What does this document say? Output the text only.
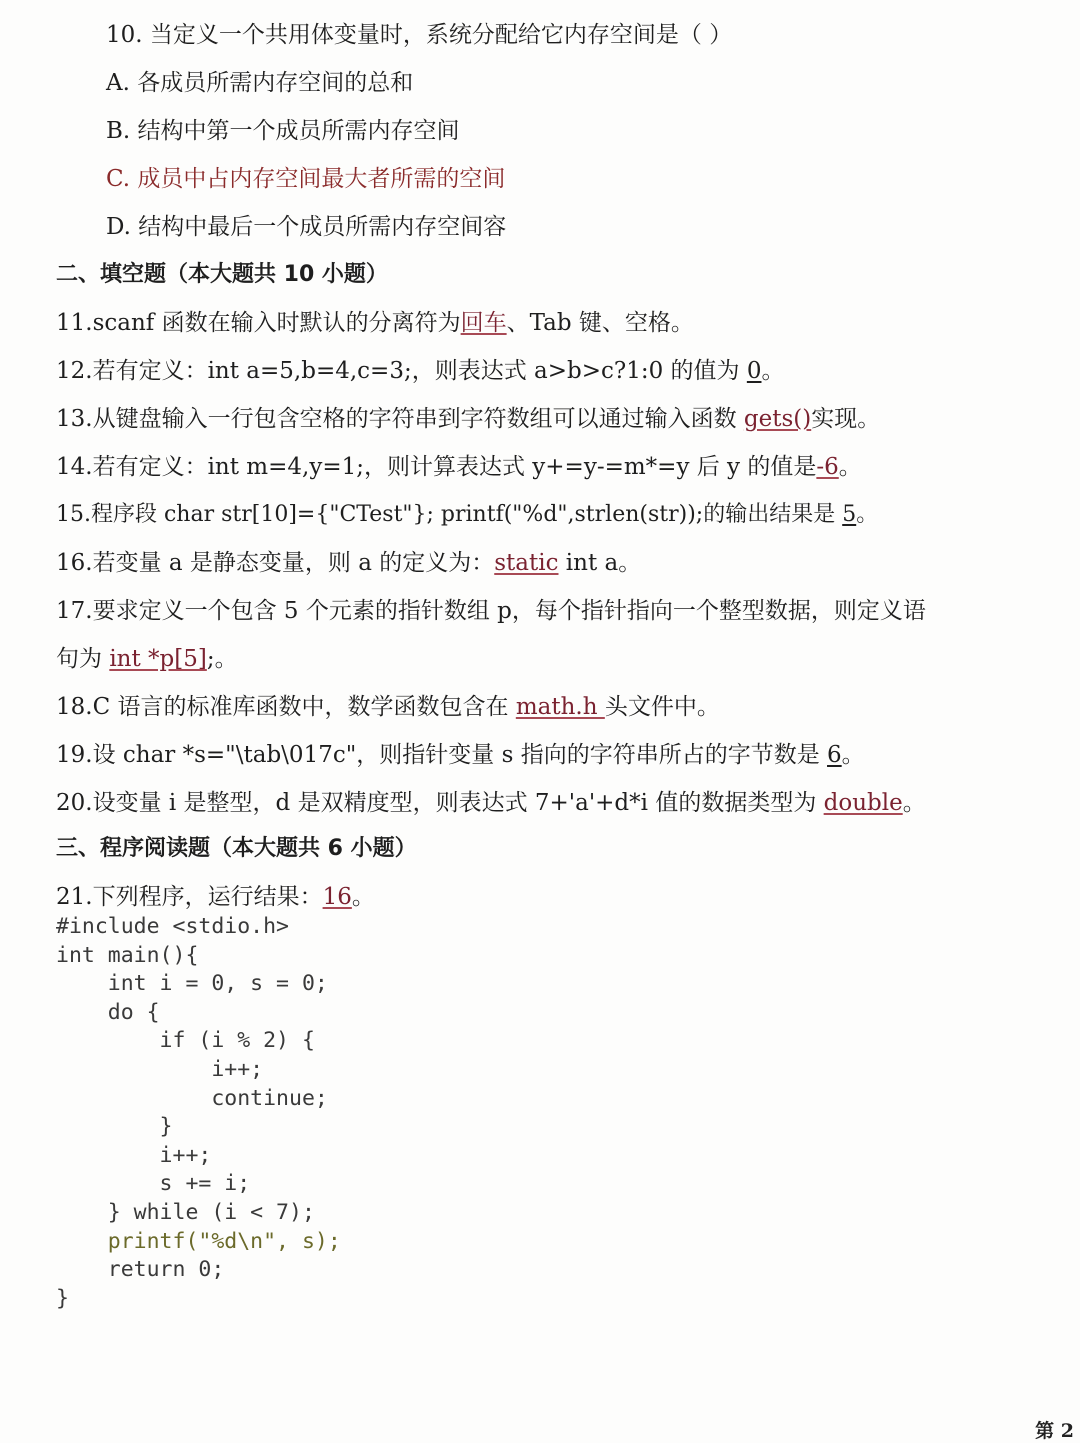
10. 当定义一个共用体变量时，系统分配给它内存空间是（ ）
A. 各成员所需内存空间的总和
B. 结构中第一个成员所需内存空间
C. 成员中占内存空间最大者所需的空间
D. 结构中最后一个成员所需内存空间容
二、填空题（本大题共 10 小题）
11.scanf 函数在输入时默认的分离符为回车、Tab 键、空格。
12.若有定义：int a=5,b=4,c=3;，则表达式 a>b>c?1:0 的值为 0。
13.从键盘输入一行包含空格的字符串到字符数组可以通过输入函数 gets()实现。
14.若有定义：int m=4,y=1;，则计算表达式 y+=y-=m*=y 后 y 的值是-6。
15.程序段 char str[10]={"CTest"}; printf("%d",strlen(str));的输出结果是 5。
16.若变量 a 是静态变量，则 a 的定义为：static int a。
17.要求定义一个包含 5 个元素的指针数组 p，每个指针指向一个整型数据，则定义语
句为 int *p[5];。
18.C 语言的标准库函数中，数学函数包含在 math.h 头文件中。
19.设 char *s="\tab\017c"，则指针变量 s 指向的字符串所占的字节数是 6。
20.设变量 i 是整型，d 是双精度型，则表达式 7+'a'+d*i 值的数据类型为 double。
三、程序阅读题（本大题共 6 小题）
21.下列程序，运行结果：16。
#include <stdio.h>
int main(){
int i = 0, s = 0;
do {
if (i % 2) {
i++;
continue;
}
i++;
s += i;
} while (i < 7);
printf("%d\n", s);
return 0;
}
第 2
